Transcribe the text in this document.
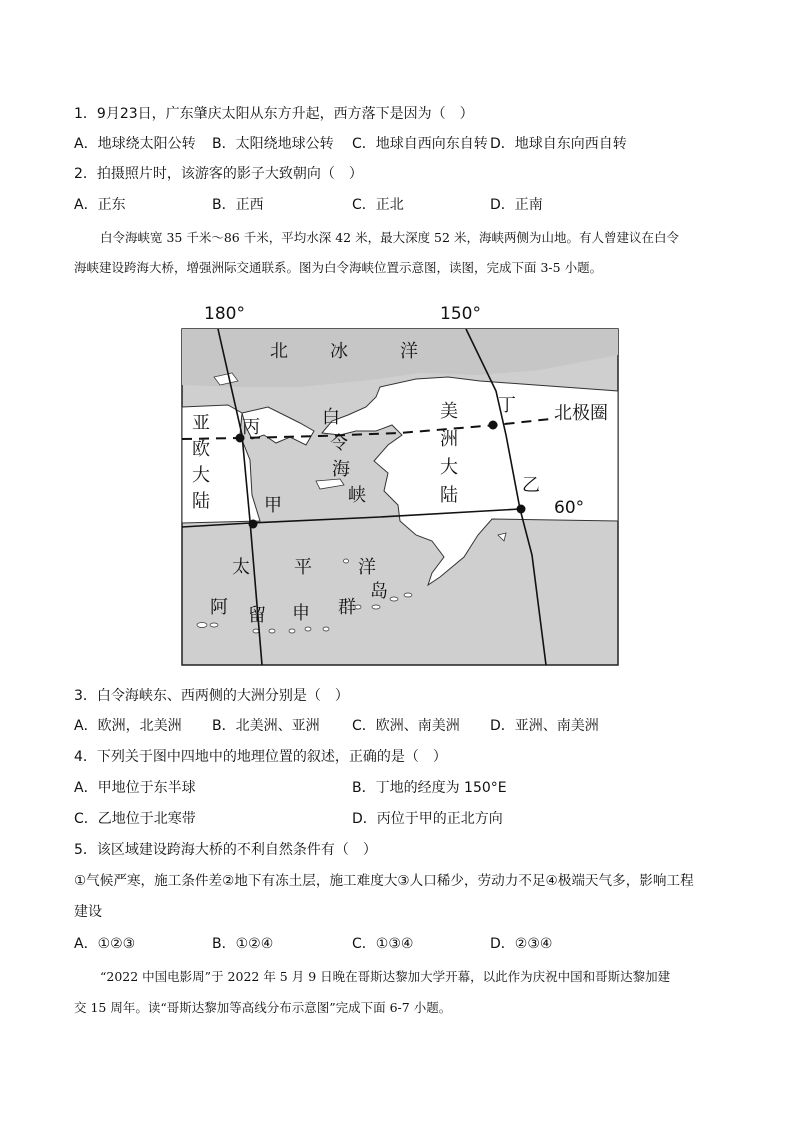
1．9月23日，广东肇庆太阳从东方升起，西方落下是因为（　）
A．地球绕太阳公转 B．太阳绕地球公转 C．地球自西向东自转 D．地球自东向西自转
2．拍摄照片时，该游客的影子大致朝向（　）
A．正东	B．正西	C．正北	D．正南
白令海峡宽 35 千米～86 千米，平均水深 42 米，最大深度 52 米，海峡两侧为山地。有人曾建议在白令
海峡建设跨海大桥，增强洲际交通联系。图为白令海峡位置示意图，读图，完成下面 3-5 小题。
180°	150°
60°
北极圈
北 冰	洋
白
令
海
峡
美
洲
大
陆
亚
欧
大
陆
太 平	洋
阿 留 申 群
岛
甲
乙
丙
丁
3．白令海峡东、西两侧的大洲分别是（　）
A．欧洲，北美洲 B．北美洲、亚洲 C．欧洲、南美洲 D．亚洲、南美洲
4．下列关于图中四地中的地理位置的叙述，正确的是（　）
A．甲地位于东半球	B．丁地的经度为 150°E
C．乙地位于北寒带	D．丙位于甲的正北方向
5．该区域建设跨海大桥的不利自然条件有（　）
①气候严寒，施工条件差②地下有冻土层，施工难度大③人口稀少，劳动力不足④极端天气多，影响工程
建设
A．①②③	B．①②④	C．①③④	D．②③④
“2022 中国电影周”于 2022 年 5 月 9 日晚在哥斯达黎加大学开幕，以此作为庆祝中国和哥斯达黎加建
交 15 周年。读“哥斯达黎加等高线分布示意图”完成下面 6-7 小题。
